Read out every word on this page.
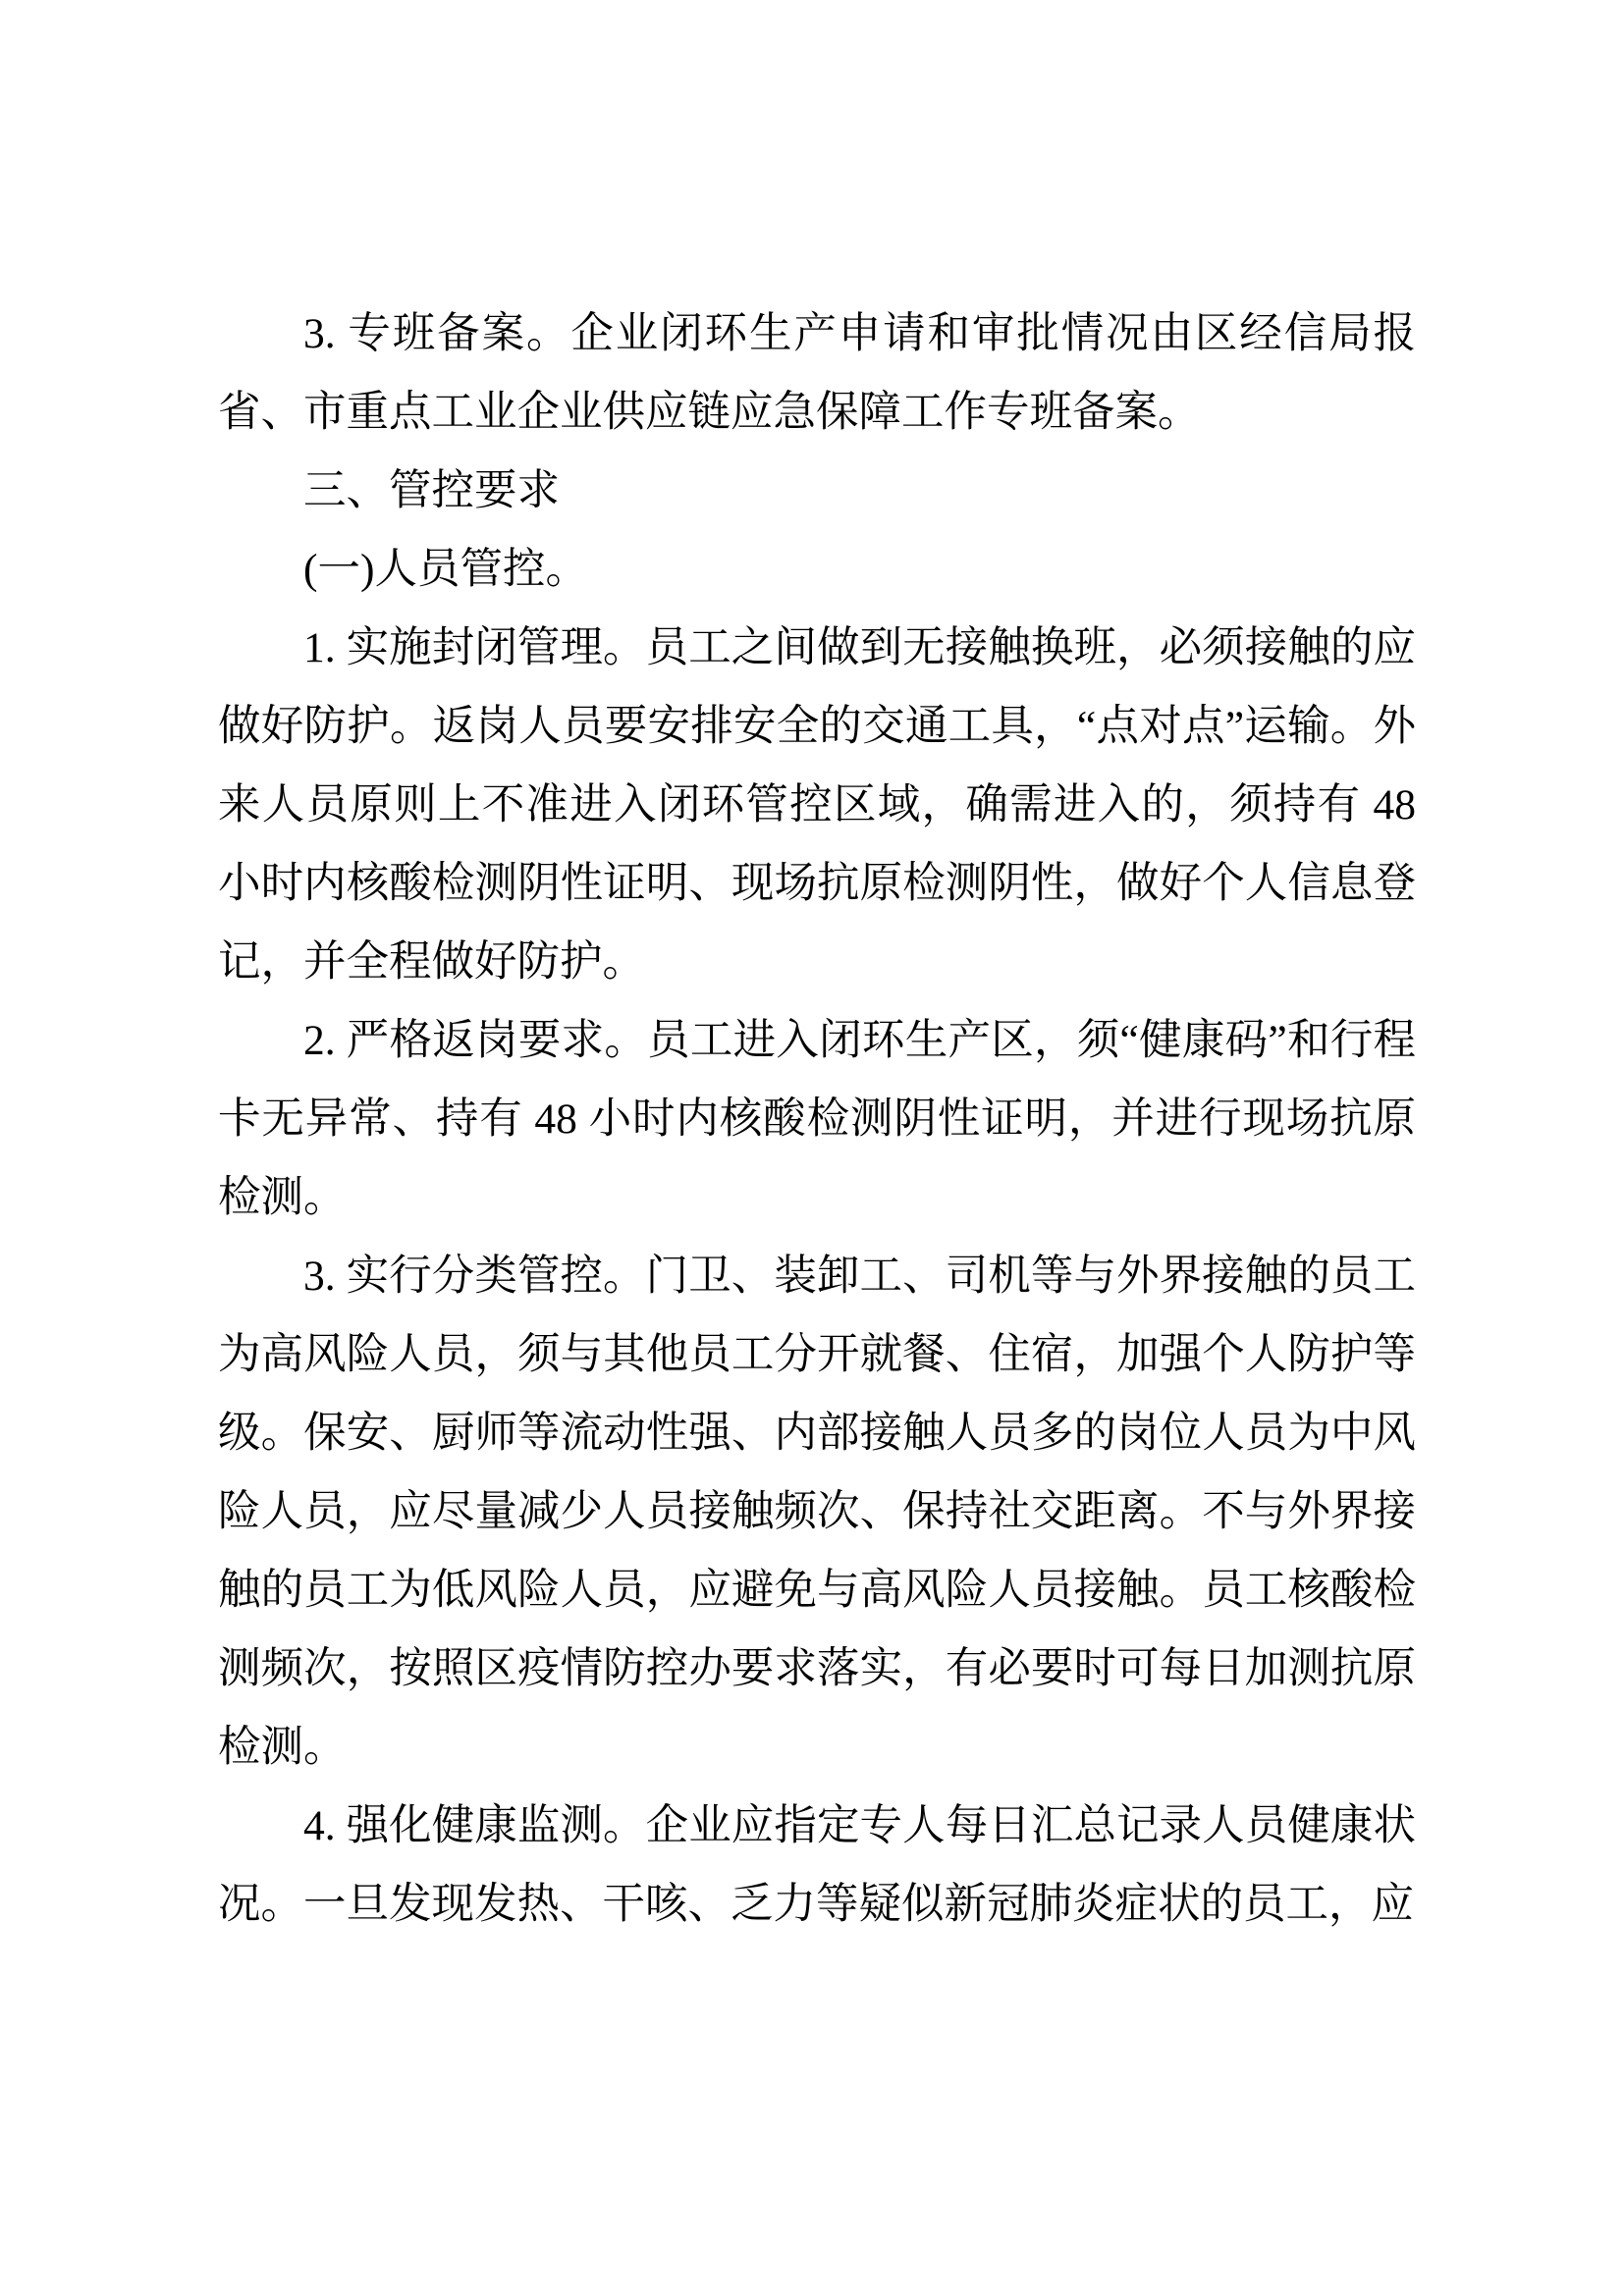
3. 专班备案。企业闭环生产申请和审批情况由区经信局报省、市重点工业企业供应链应急保障工作专班备案。

三、管控要求

(一)人员管控。

1. 实施封闭管理。员工之间做到无接触换班，必须接触的应做好防护。返岗人员要安排安全的交通工具，“点对点”运输。外来人员原则上不准进入闭环管控区域，确需进入的，须持有 48 小时内核酸检测阴性证明、现场抗原检测阴性，做好个人信息登记，并全程做好防护。

2. 严格返岗要求。员工进入闭环生产区，须“健康码”和行程卡无异常、持有 48 小时内核酸检测阴性证明，并进行现场抗原检测。

3. 实行分类管控。门卫、装卸工、司机等与外界接触的员工为高风险人员，须与其他员工分开就餐、住宿，加强个人防护等级。保安、厨师等流动性强、内部接触人员多的岗位人员为中风险人员，应尽量减少人员接触频次、保持社交距离。不与外界接触的员工为低风险人员，应避免与高风险人员接触。员工核酸检测频次，按照区疫情防控办要求落实，有必要时可每日加测抗原检测。

4. 强化健康监测。企业应指定专人每日汇总记录人员健康状况。一旦发现发热、干咳、乏力等疑似新冠肺炎症状的员工，应
